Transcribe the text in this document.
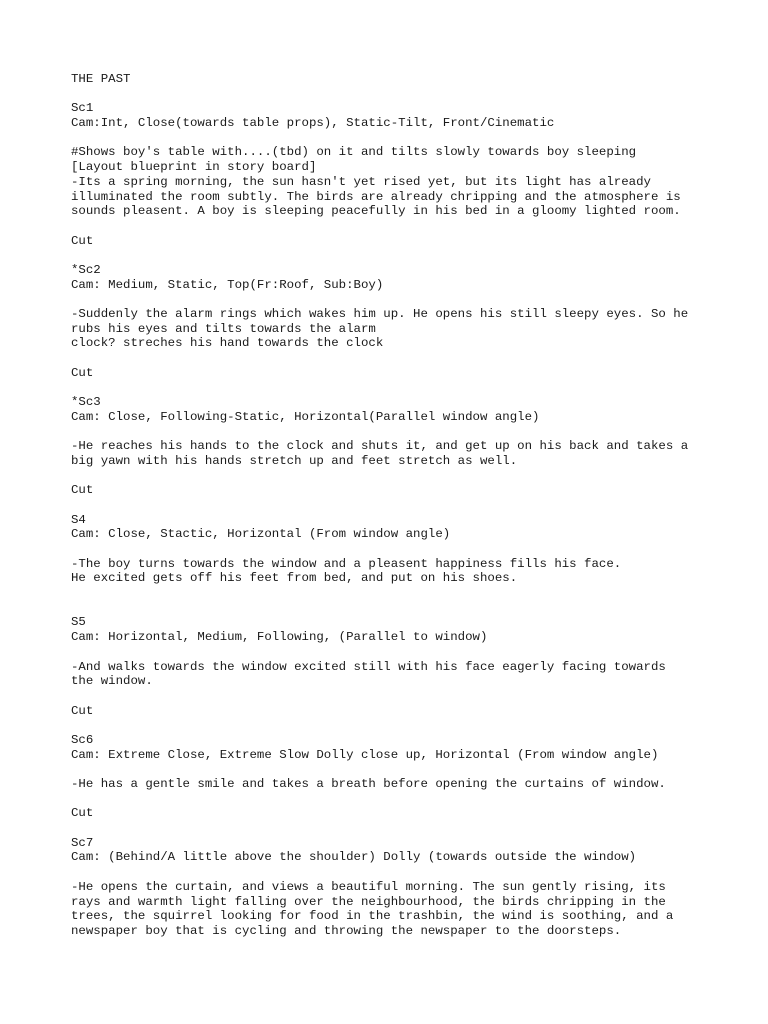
THE PAST
Sc1
Cam:Int, Close(towards table props), Static-Tilt, Front/Cinematic
#Shows boy's table with....(tbd) on it and tilts slowly towards boy sleeping
[Layout blueprint in story board]
-Its a spring morning, the sun hasn't yet rised yet, but its light has already
illuminated the room subtly. The birds are already chripping and the atmosphere is
sounds pleasent. A boy is sleeping peacefully in his bed in a gloomy lighted room.
Cut
*Sc2
Cam: Medium, Static, Top(Fr:Roof, Sub:Boy)
-Suddenly the alarm rings which wakes him up. He opens his still sleepy eyes. So he
rubs his eyes and tilts towards the alarm
clock? streches his hand towards the clock
Cut
*Sc3
Cam: Close, Following-Static, Horizontal(Parallel window angle)
-He reaches his hands to the clock and shuts it, and get up on his back and takes a
big yawn with his hands stretch up and feet stretch as well.
Cut
S4
Cam: Close, Stactic, Horizontal (From window angle)
-The boy turns towards the window and a pleasent happiness fills his face.
He excited gets off his feet from bed, and put on his shoes.
S5
Cam: Horizontal, Medium, Following, (Parallel to window)
-And walks towards the window excited still with his face eagerly facing towards
the window.
Cut
Sc6
Cam: Extreme Close, Extreme Slow Dolly close up, Horizontal (From window angle)
-He has a gentle smile and takes a breath before opening the curtains of window.
Cut
Sc7
Cam: (Behind/A little above the shoulder) Dolly (towards outside the window)
-He opens the curtain, and views a beautiful morning. The sun gently rising, its
rays and warmth light falling over the neighbourhood, the birds chripping in the
trees, the squirrel looking for food in the trashbin, the wind is soothing, and a
newspaper boy that is cycling and throwing the newspaper to the doorsteps.
